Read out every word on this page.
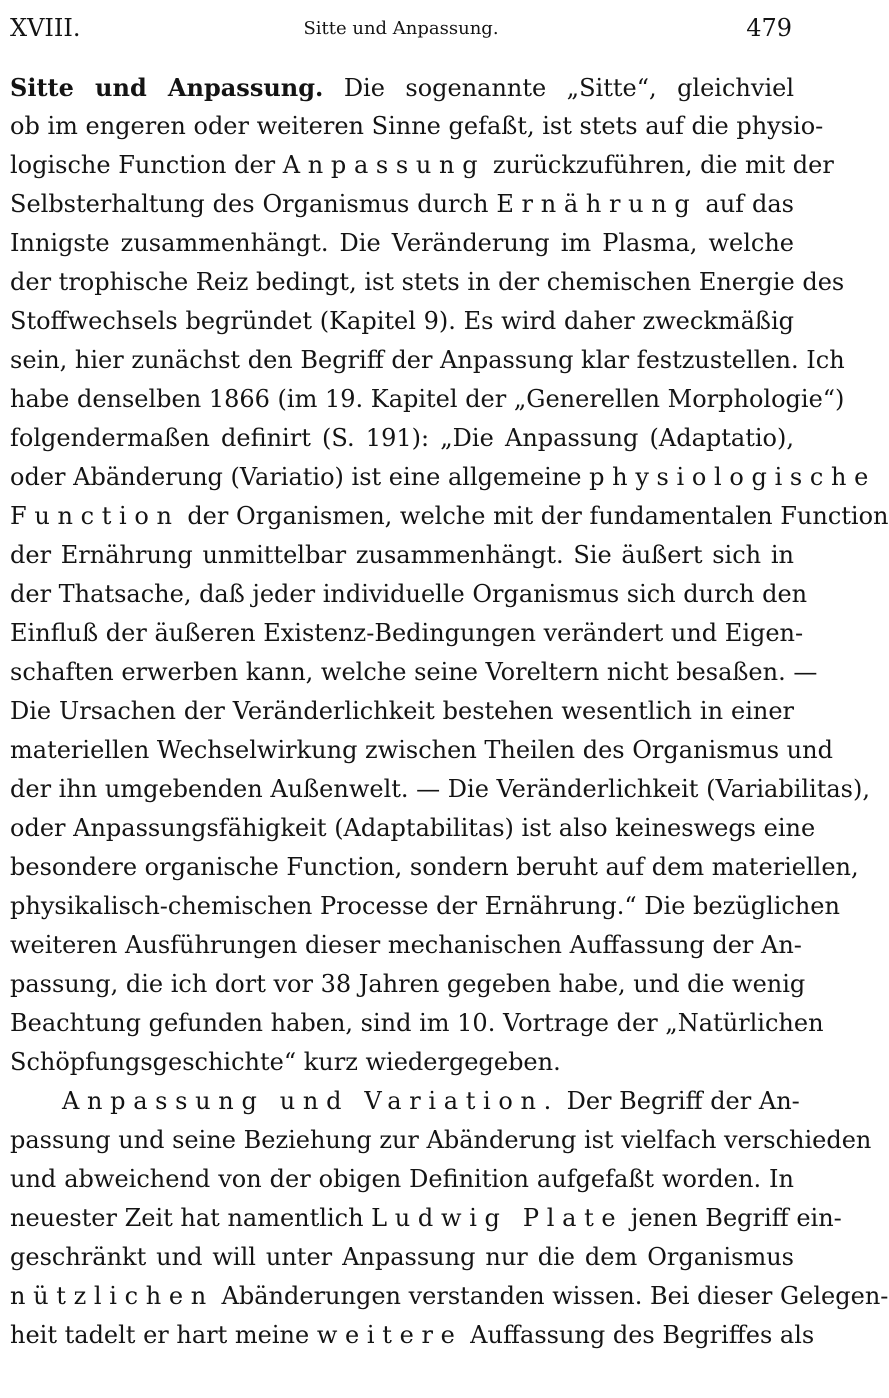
XVIII.	Sitte und Anpassung.	479
Sitte und Anpassung. Die sogenannte „Sitte“, gleichviel
ob im engeren oder weiteren Sinne gefaßt, ist stets auf die physio-
logische Function der Anpassung zurückzuführen, die mit der
Selbsterhaltung des Organismus durch Ernährung auf das
Innigste zusammenhängt. Die Veränderung im Plasma, welche
der trophische Reiz bedingt, ist stets in der chemischen Energie des
Stoffwechsels begründet (Kapitel 9). Es wird daher zweckmäßig
sein, hier zunächst den Begriff der Anpassung klar festzustellen. Ich
habe denselben 1866 (im 19. Kapitel der „Generellen Morphologie“)
folgendermaßen definirt (S. 191): „Die Anpassung (Adaptatio),
oder Abänderung (Variatio) ist eine allgemeine physiologische
Function der Organismen, welche mit der fundamentalen Function
der Ernährung unmittelbar zusammenhängt. Sie äußert sich in
der Thatsache, daß jeder individuelle Organismus sich durch den
Einfluß der äußeren Existenz-Bedingungen verändert und Eigen-
schaften erwerben kann, welche seine Voreltern nicht besaßen. —
Die Ursachen der Veränderlichkeit bestehen wesentlich in einer
materiellen Wechselwirkung zwischen Theilen des Organismus und
der ihn umgebenden Außenwelt. — Die Veränderlichkeit (Variabilitas),
oder Anpassungsfähigkeit (Adaptabilitas) ist also keineswegs eine
besondere organische Function, sondern beruht auf dem materiellen,
physikalisch-chemischen Processe der Ernährung.“ Die bezüglichen
weiteren Ausführungen dieser mechanischen Auffassung der An-
passung, die ich dort vor 38 Jahren gegeben habe, und die wenig
Beachtung gefunden haben, sind im 10. Vortrage der „Natürlichen
Schöpfungsgeschichte“ kurz wiedergegeben.
Anpassung und Variation. Der Begriff der An-
passung und seine Beziehung zur Abänderung ist vielfach verschieden
und abweichend von der obigen Definition aufgefaßt worden. In
neuester Zeit hat namentlich Ludwig Plate jenen Begriff ein-
geschränkt und will unter Anpassung nur die dem Organismus
nützlichen Abänderungen verstanden wissen. Bei dieser Gelegen-
heit tadelt er hart meine weitere Auffassung des Begriffes als
